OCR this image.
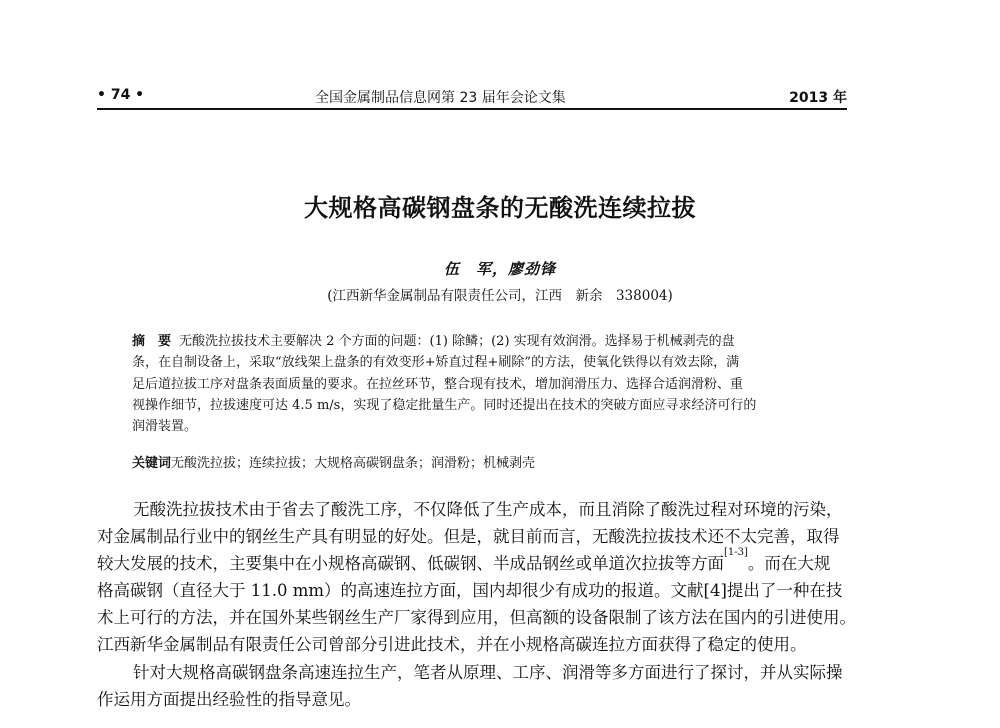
• 74 •	全国金属制品信息网第 23 届年会论文集	2013 年
大规格高碳钢盘条的无酸洗连续拉拔
伍　军，廖劲锋
(江西新华金属制品有限责任公司，江西　新余　338004)
摘　要 无酸洗拉拔技术主要解决 2 个方面的问题：(1) 除鳞；(2) 实现有效润滑。选择易于机械剥壳的盘
条，在自制设备上，采取“放线架上盘条的有效变形+矫直过程+刷除”的方法，使氧化铁得以有效去除，满
足后道拉拔工序对盘条表面质量的要求。在拉丝环节，整合现有技术，增加润滑压力、选择合适润滑粉、重
视操作细节，拉拔速度可达 4.5 m/s，实现了稳定批量生产。同时还提出在技术的突破方面应寻求经济可行的
润滑装置。
关键词无酸洗拉拔；连续拉拔；大规格高碳钢盘条；润滑粉；机械剥壳
无酸洗拉拔技术由于省去了酸洗工序，不仅降低了生产成本，而且消除了酸洗过程对环境的污染，
对金属制品行业中的钢丝生产具有明显的好处。但是，就目前而言，无酸洗拉拔技术还不太完善，取得
较大发展的技术，主要集中在小规格高碳钢、低碳钢、半成品钢丝或单道次拉拔等方面[1-3]。而在大规
格高碳钢（直径大于 11.0 mm）的高速连拉方面，国内却很少有成功的报道。文献[4]提出了一种在技
术上可行的方法，并在国外某些钢丝生产厂家得到应用，但高额的设备限制了该方法在国内的引进使用。
江西新华金属制品有限责任公司曾部分引进此技术，并在小规格高碳连拉方面获得了稳定的使用。
针对大规格高碳钢盘条高速连拉生产，笔者从原理、工序、润滑等多方面进行了探讨，并从实际操
作运用方面提出经验性的指导意见。
